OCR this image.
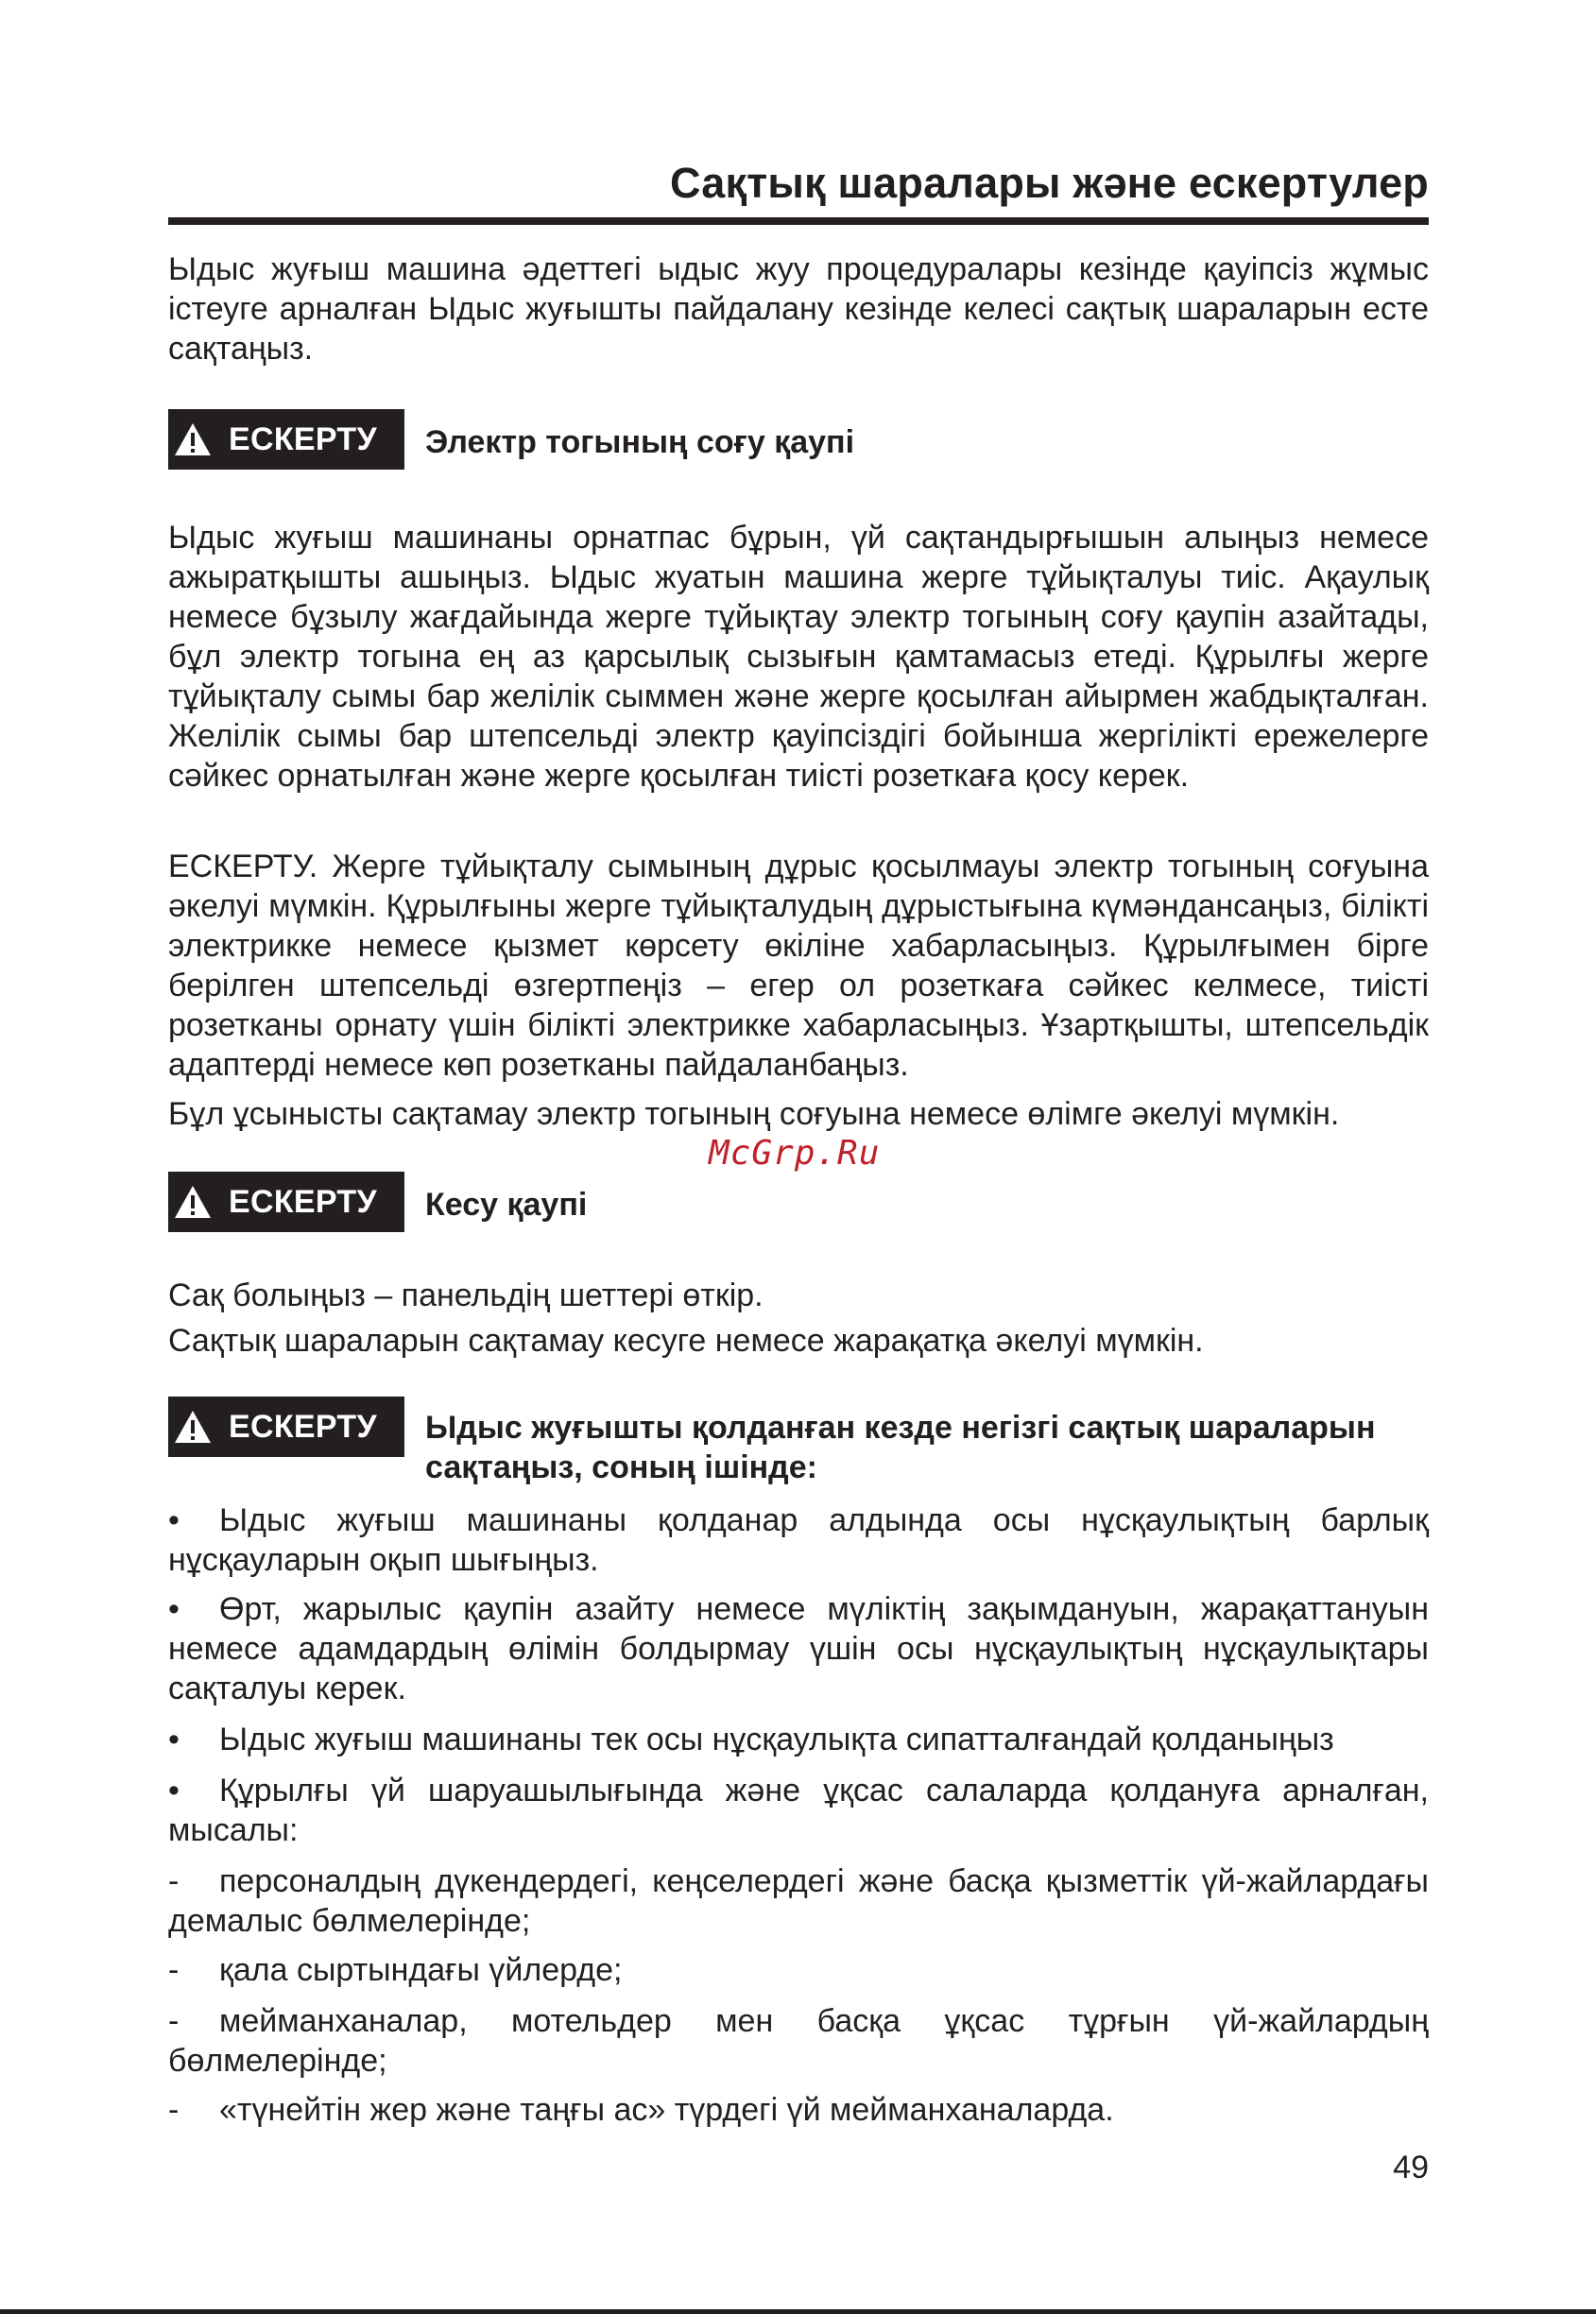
Сақтық шаралары және ескертулер

Ыдыс жуғыш машина әдеттегі ыдыс жуу процедуралары кезінде қауіпсіз жұмыс істеуге арналған Ыдыс жуғышты пайдалану кезінде келесі сақтық шараларын есте сақтаңыз.

ЕСКЕРТУ Электр тогының соғу қаупі

Ыдыс жуғыш машинаны орнатпас бұрын, үй сақтандырғышын алыңыз немесе ажыратқышты ашыңыз. Ыдыс жуатын машина жерге тұйықталуы тиіс. Ақаулық немесе бұзылу жағдайында жерге тұйықтау электр тогының соғу қаупін азайтады, бұл электр тогына ең аз қарсылық сызығын қамтамасыз етеді. Құрылғы жерге тұйықталу сымы бар желілік сыммен және жерге қосылған айырмен жабдықталған. Желілік сымы бар штепсельді электр қауіпсіздігі бойынша жергілікті ережелерге сәйкес орнатылған және жерге қосылған тиісті розеткаға қосу керек.

ЕСКЕРТУ. Жерге тұйықталу сымының дұрыс қосылмауы электр тогының соғуына әкелуі мүмкін. Құрылғыны жерге тұйықталудың дұрыстығына күмәндансаңыз, білікті электрикке немесе қызмет көрсету өкіліне хабарласыңыз. Құрылғымен бірге берілген штепсельді өзгертпеңіз – егер ол розеткаға сәйкес келмесе, тиісті розетканы орнату үшін білікті электрикке хабарласыңыз. Ұзартқышты, штепсельдік адаптерді немесе көп розетканы пайдаланбаңыз.

Бұл ұсынысты сақтамау электр тогының соғуына немесе өлімге әкелуі мүмкін.

ЕСКЕРТУ Кесу қаупі

Сақ болыңыз – панельдің шеттері өткір.

Сақтық шараларын сақтамау кесуге немесе жарақатқа әкелуі мүмкін.

ЕСКЕРТУ Ыдыс жуғышты қолданған кезде негізгі сақтық шараларын сақтаңыз, соның ішінде:

• Ыдыс жуғыш машинаны қолданар алдында осы нұсқаулықтың барлық нұсқауларын оқып шығыңыз.

• Өрт, жарылыс қаупін азайту немесе мүліктің зақымдануын, жарақаттануын немесе адамдардың өлімін болдырмау үшін осы нұсқаулықтың нұсқаулықтары сақталуы керек.

• Ыдыс жуғыш машинаны тек осы нұсқаулықта сипатталғандай қолданыңыз

• Құрылғы үй шаруашылығында және ұқсас салаларда қолдануға арналған, мысалы:

- персоналдың дүкендердегі, кеңселердегі және басқа қызметтік үй-жайлардағы демалыс бөлмелерінде;

- қала сыртындағы үйлерде;

- мейманханалар, мотельдер мен басқа ұқсас тұрғын үй-жайлардың бөлмелерінде;

- «түнейтін жер және таңғы ас» түрдегі үй мейманханаларда.

McGrp.Ru
49
